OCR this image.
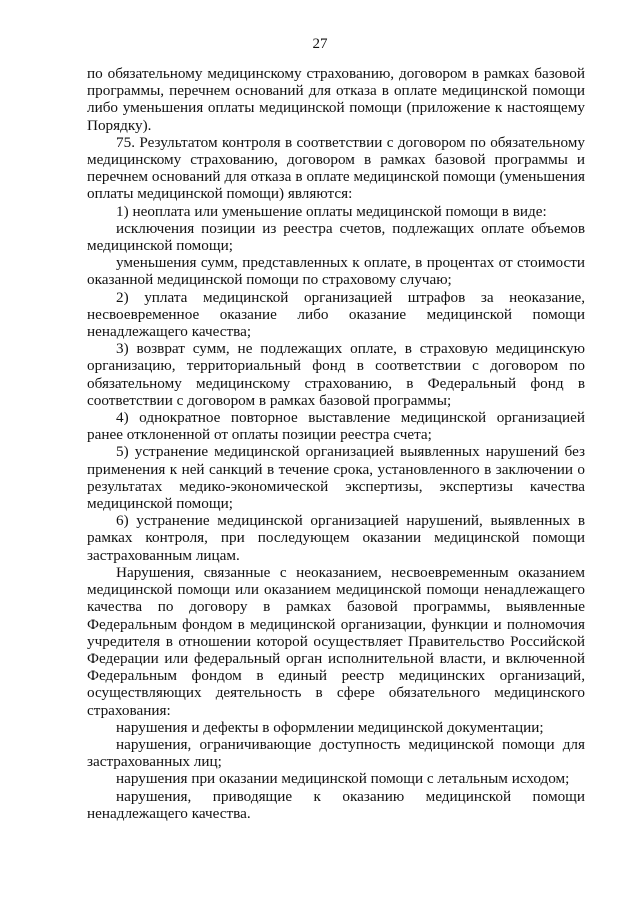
27

по обязательному медицинскому страхованию, договором в рамках базовой программы, перечнем оснований для отказа в оплате медицинской помощи либо уменьшения оплаты медицинской помощи (приложение к настоящему Порядку).

75. Результатом контроля в соответствии с договором по обязательному медицинскому страхованию, договором в рамках базовой программы и перечнем оснований для отказа в оплате медицинской помощи (уменьшения оплаты медицинской помощи) являются:

1) неоплата или уменьшение оплаты медицинской помощи в виде:

исключения позиции из реестра счетов, подлежащих оплате объемов медицинской помощи;

уменьшения сумм, представленных к оплате, в процентах от стоимости оказанной медицинской помощи по страховому случаю;

2) уплата медицинской организацией штрафов за неоказание, несвоевременное оказание либо оказание медицинской помощи ненадлежащего качества;

3) возврат сумм, не подлежащих оплате, в страховую медицинскую организацию, территориальный фонд в соответствии с договором по обязательному медицинскому страхованию, в Федеральный фонд в соответствии с договором в рамках базовой программы;

4) однократное повторное выставление медицинской организацией ранее отклоненной от оплаты позиции реестра счета;

5) устранение медицинской организацией выявленных нарушений без применения к ней санкций в течение срока, установленного в заключении о результатах медико-экономической экспертизы, экспертизы качества медицинской помощи;

6) устранение медицинской организацией нарушений, выявленных в рамках контроля, при последующем оказании медицинской помощи застрахованным лицам.

Нарушения, связанные с неоказанием, несвоевременным оказанием медицинской помощи или оказанием медицинской помощи ненадлежащего качества по договору в рамках базовой программы, выявленные Федеральным фондом в медицинской организации, функции и полномочия учредителя в отношении которой осуществляет Правительство Российской Федерации или федеральный орган исполнительной власти, и включенной Федеральным фондом в единый реестр медицинских организаций, осуществляющих деятельность в сфере обязательного медицинского страхования:

нарушения и дефекты в оформлении медицинской документации;

нарушения, ограничивающие доступность медицинской помощи для застрахованных лиц;

нарушения при оказании медицинской помощи с летальным исходом;

нарушения, приводящие к оказанию медицинской помощи ненадлежащего качества.
